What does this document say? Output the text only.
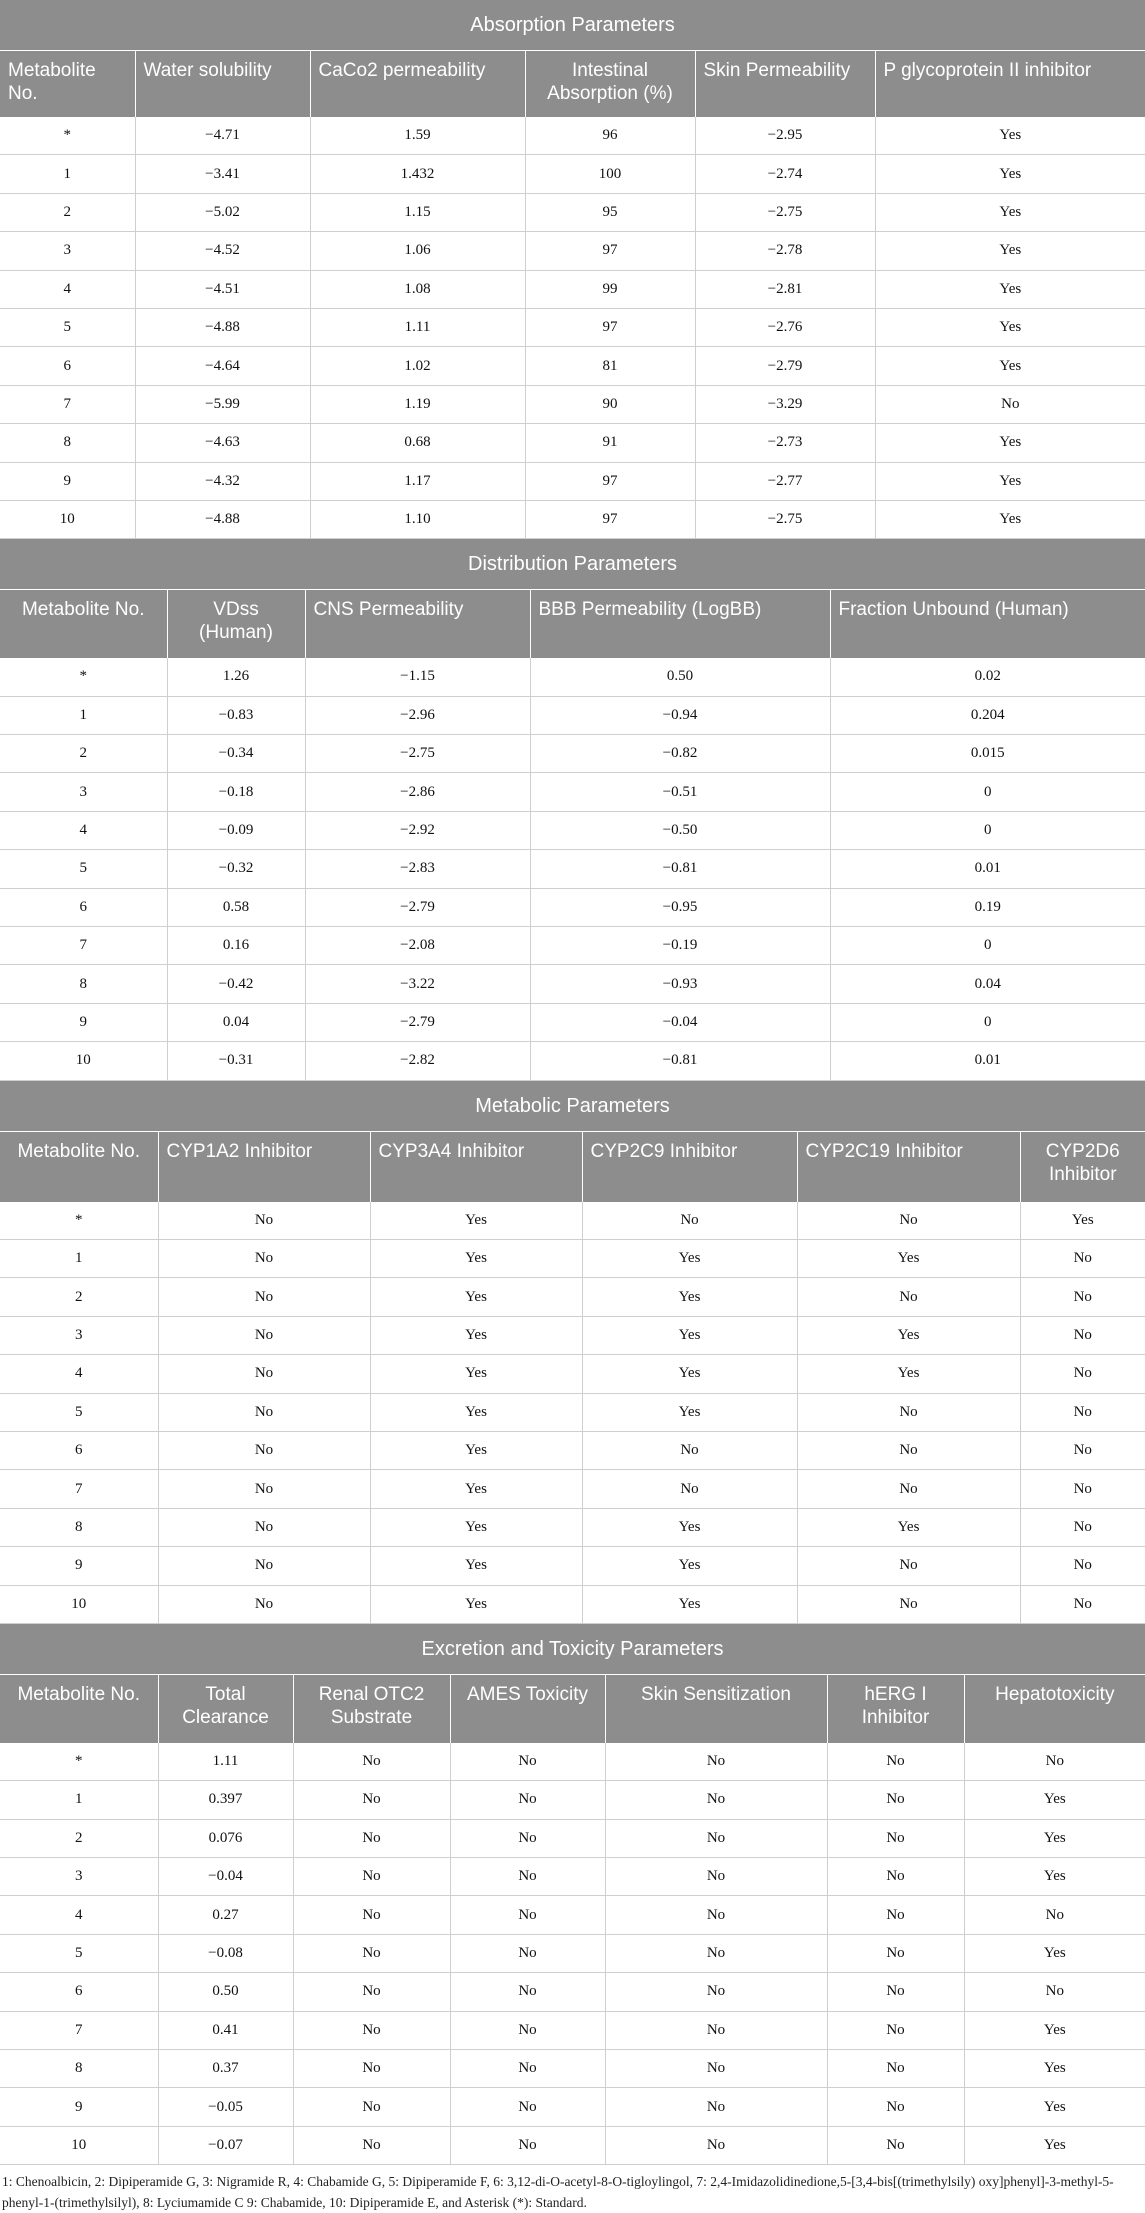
Absorption Parameters					
Metabolite No.	Water solubility	CaCo2 permeability	Intestinal Absorption (%)	Skin Permeability	P glycoprotein II inhibitor
*	−4.71	1.59	96	−2.95	Yes
1	−3.41	1.432	100	−2.74	Yes
2	−5.02	1.15	95	−2.75	Yes
3	−4.52	1.06	97	−2.78	Yes
4	−4.51	1.08	99	−2.81	Yes
5	−4.88	1.11	97	−2.76	Yes
6	−4.64	1.02	81	−2.79	Yes
7	−5.99	1.19	90	−3.29	No
8	−4.63	0.68	91	−2.73	Yes
9	−4.32	1.17	97	−2.77	Yes
10	−4.88	1.10	97	−2.75	Yes
Distribution Parameters				
Metabolite No.	VDss (Human)	CNS Permeability	BBB Permeability (LogBB)	Fraction Unbound (Human)
*	1.26	−1.15	0.50	0.02
1	−0.83	−2.96	−0.94	0.204
2	−0.34	−2.75	−0.82	0.015
3	−0.18	−2.86	−0.51	0
4	−0.09	−2.92	−0.50	0
5	−0.32	−2.83	−0.81	0.01
6	0.58	−2.79	−0.95	0.19
7	0.16	−2.08	−0.19	0
8	−0.42	−3.22	−0.93	0.04
9	0.04	−2.79	−0.04	0
10	−0.31	−2.82	−0.81	0.01
Metabolic Parameters					
Metabolite No.	CYP1A2 Inhibitor	CYP3A4 Inhibitor	CYP2C9 Inhibitor	CYP2C19 Inhibitor	CYP2D6 Inhibitor
*	No	Yes	No	No	Yes
1	No	Yes	Yes	Yes	No
2	No	Yes	Yes	No	No
3	No	Yes	Yes	Yes	No
4	No	Yes	Yes	Yes	No
5	No	Yes	Yes	No	No
6	No	Yes	No	No	No
7	No	Yes	No	No	No
8	No	Yes	Yes	Yes	No
9	No	Yes	Yes	No	No
10	No	Yes	Yes	No	No
Excretion and Toxicity Parameters						
Metabolite No.	Total Clearance	Renal OTC2 Substrate	AMES Toxicity	Skin Sensitization	hERG I Inhibitor	Hepatotoxicity
*	1.11	No	No	No	No	No
1	0.397	No	No	No	No	Yes
2	0.076	No	No	No	No	Yes
3	−0.04	No	No	No	No	Yes
4	0.27	No	No	No	No	No
5	−0.08	No	No	No	No	Yes
6	0.50	No	No	No	No	No
7	0.41	No	No	No	No	Yes
8	0.37	No	No	No	No	Yes
9	−0.05	No	No	No	No	Yes
10	−0.07	No	No	No	No	Yes
1: Chenoalbicin, 2: Dipiperamide G, 3: Nigramide R, 4: Chabamide G, 5: Dipiperamide F, 6: 3,12-di-O-acetyl-8-O-tigloylingol, 7: 2,4-Imidazolidinedione,5-[3,4-bis[(trimethylsily) oxy]phenyl]-3-methyl-5-phenyl-1-(trimethylsilyl), 8: Lyciumamide C 9: Chabamide, 10: Dipiperamide E, and Asterisk (*): Standard.
